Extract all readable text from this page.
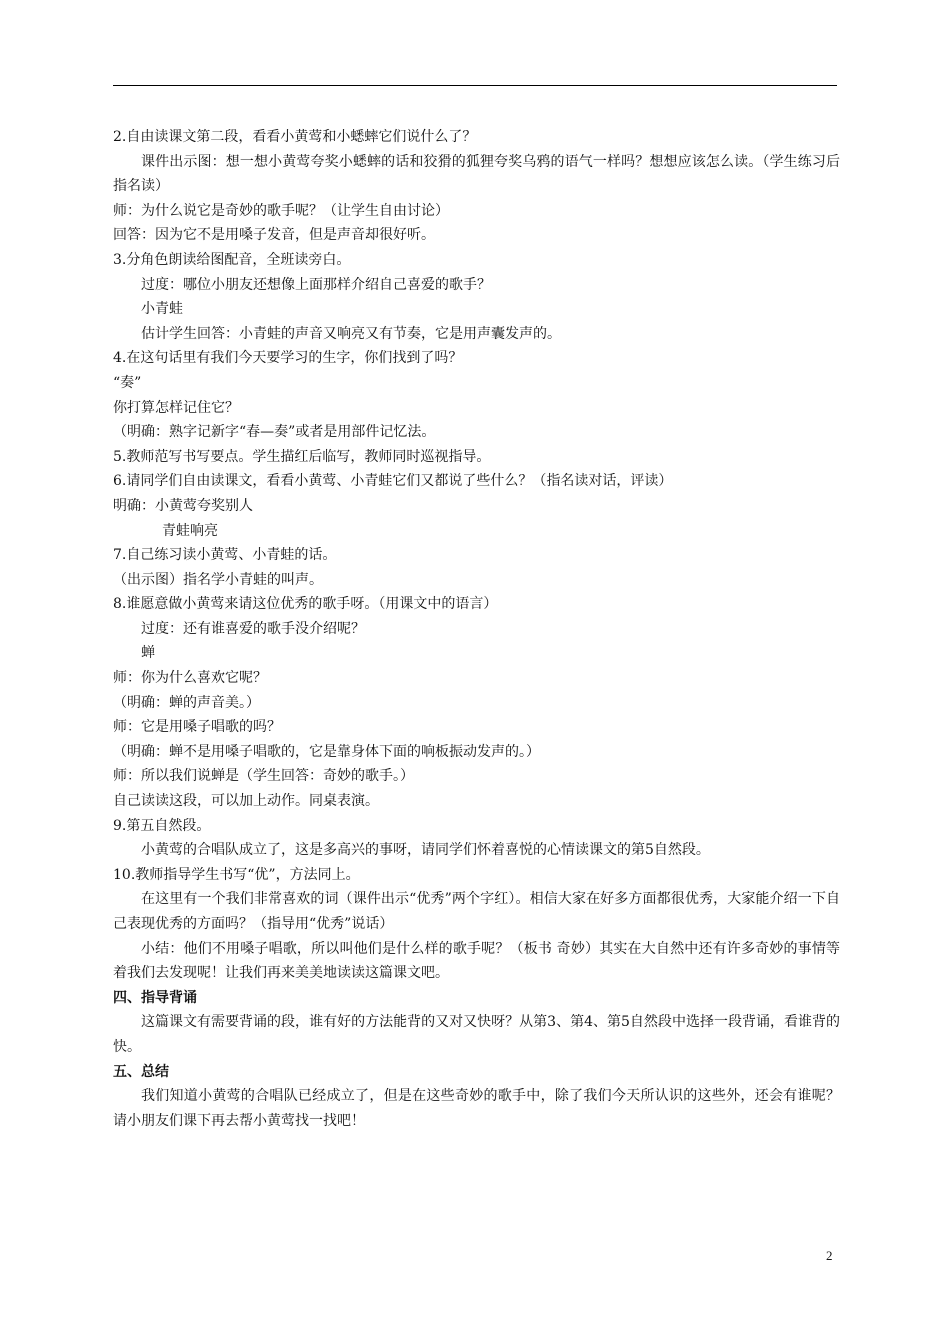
2.自由读课文第二段，看看小黄莺和小蟋蟀它们说什么了？
课件出示图：想一想小黄莺夸奖小蟋蟀的话和狡猾的狐狸夸奖乌鸦的语气一样吗？想想应该怎么读。（学生练习后指名读）
师：为什么说它是奇妙的歌手呢？（让学生自由讨论）
回答：因为它不是用嗓子发音，但是声音却很好听。
3.分角色朗读给图配音，全班读旁白。
过度：哪位小朋友还想像上面那样介绍自己喜爱的歌手？
小青蛙
估计学生回答：小青蛙的声音又响亮又有节奏，它是用声囊发声的。
4.在这句话里有我们今天要学习的生字，你们找到了吗？
“奏”
你打算怎样记住它？
（明确：熟字记新字“春—奏”或者是用部件记忆法。
5.教师范写书写要点。学生描红后临写，教师同时巡视指导。
6.请同学们自由读课文，看看小黄莺、小青蛙它们又都说了些什么？（指名读对话，评读）
明确：小黄莺夸奖别人
青蛙响亮
7.自己练习读小黄莺、小青蛙的话。
（出示图）指名学小青蛙的叫声。
8.谁愿意做小黄莺来请这位优秀的歌手呀。（用课文中的语言）
过度：还有谁喜爱的歌手没介绍呢？
蝉
师：你为什么喜欢它呢？
（明确：蝉的声音美。）
师：它是用嗓子唱歌的吗？
（明确：蝉不是用嗓子唱歌的，它是靠身体下面的响板振动发声的。）
师：所以我们说蝉是（学生回答：奇妙的歌手。）
自己读读这段，可以加上动作。同桌表演。
9.第五自然段。
小黄莺的合唱队成立了，这是多高兴的事呀，请同学们怀着喜悦的心情读课文的第5自然段。
10.教师指导学生书写“优”，方法同上。
在这里有一个我们非常喜欢的词（课件出示“优秀”两个字红）。相信大家在好多方面都很优秀，大家能介绍一下自己表现优秀的方面吗？（指导用“优秀”说话）
小结：他们不用嗓子唱歌，所以叫他们是什么样的歌手呢？（板书 奇妙）其实在大自然中还有许多奇妙的事情等着我们去发现呢！让我们再来美美地读读这篇课文吧。
四、指导背诵
这篇课文有需要背诵的段，谁有好的方法能背的又对又快呀？从第3、第4、第5自然段中选择一段背诵，看谁背的快。
五、总结
我们知道小黄莺的合唱队已经成立了，但是在这些奇妙的歌手中，除了我们今天所认识的这些外，还会有谁呢？请小朋友们课下再去帮小黄莺找一找吧！
2
